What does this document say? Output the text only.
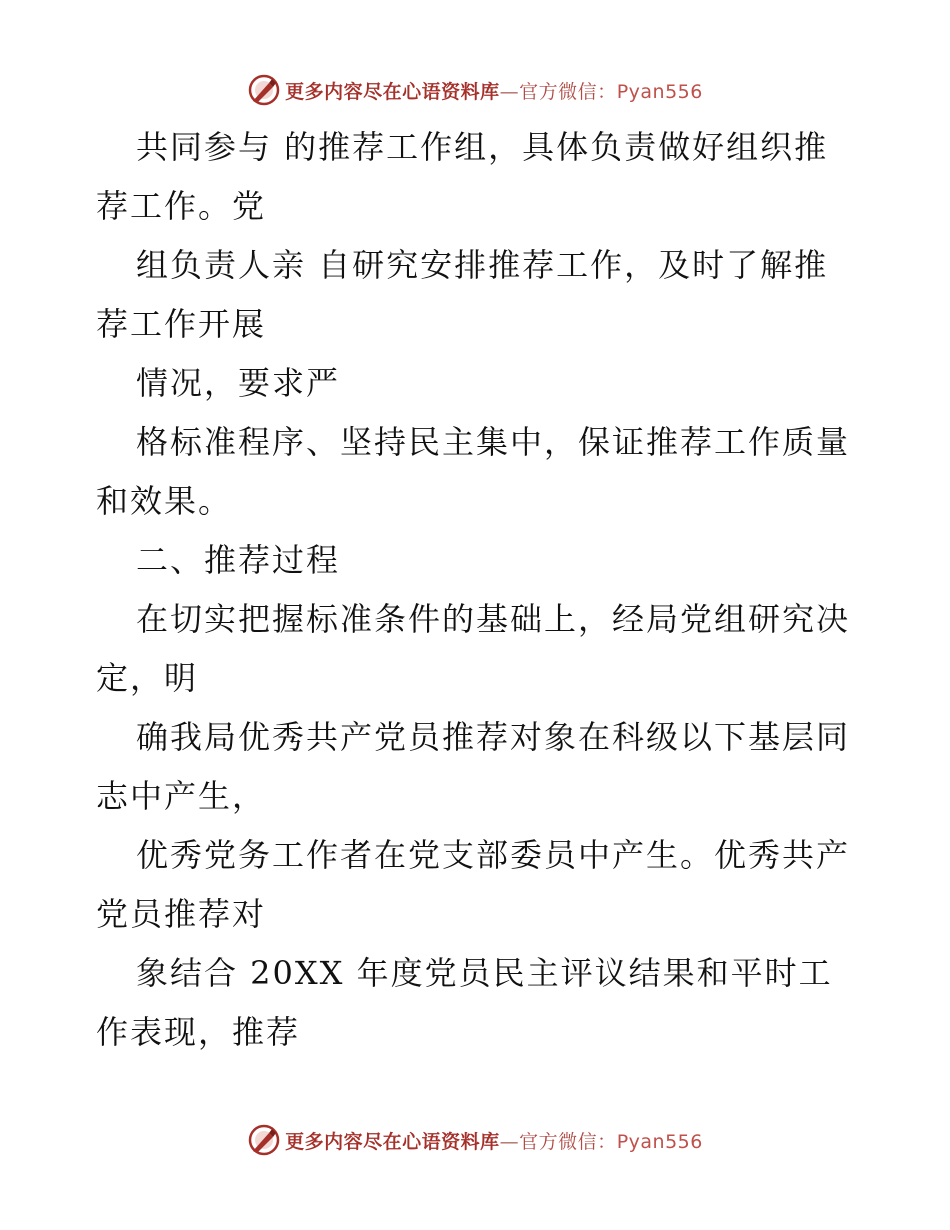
更多内容尽在心语资料库—官方微信：Pyan556

共同参与 的推荐工作组，具体负责做好组织推荐工作。党

组负责人亲 自研究安排推荐工作，及时了解推荐工作开展

情况，要求严

格标准程序、坚持民主集中，保证推荐工作质量和效果。

二、推荐过程

在切实把握标准条件的基础上，经局党组研究决定，明

确我局优秀共产党员推荐对象在科级以下基层同志中产生，

优秀党务工作者在党支部委员中产生。优秀共产党员推荐对

象结合 20XX 年度党员民主评议结果和平时工作表现，推荐

更多内容尽在心语资料库—官方微信：Pyan556
